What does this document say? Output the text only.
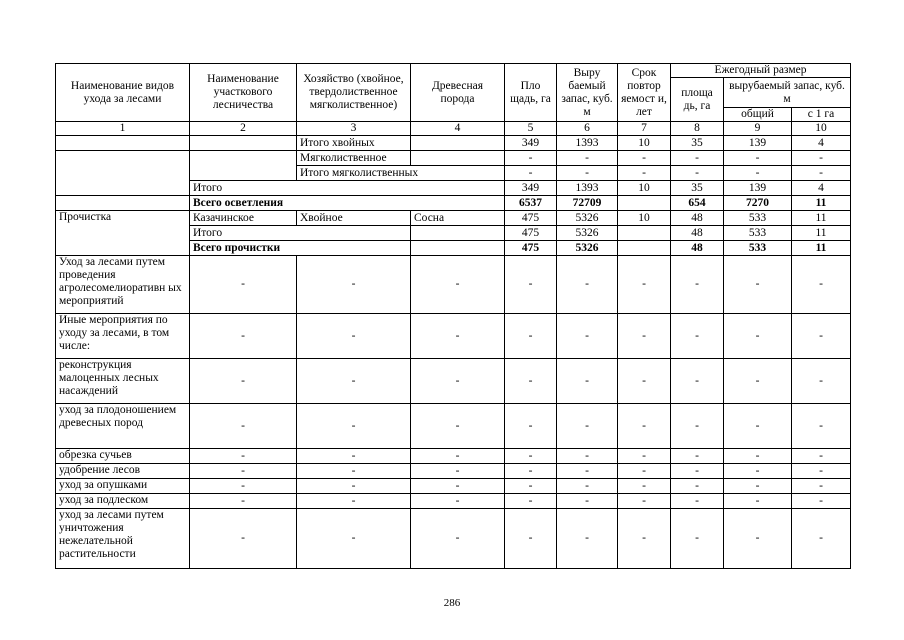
Наименование видов ухода за лесами	Наименование участкового лесничества	Хозяйство (хвойное, твердолиственное мягколиственное)	Древесная порода	Пло щадь, га	Выру баемый запас, куб. м	Срок повтор яемост и, лет	Ежегодный размер		
							площа дь, га	вырубаемый запас, куб. м	
								общий	с 1 га
1	2	3	4	5	6	7	8	9	10
		Итого хвойных		349	1393	10	35	139	4
		Мягколиственное		-	-	-	-	-	-
		Итого мягколиственных		-	-	-	-	-	-
	Итого			349	1393	10	35	139	4
	Всего осветления			6537	72709		654	7270	11
Прочистка	Казачинское	Хвойное	Сосна	475	5326	10	48	533	11
	Итого			475	5326		48	533	11
	Всего прочистки			475	5326		48	533	11
Уход за лесами путем проведения агролесомелиоративн ых мероприятий	-	-	-	-	-	-	-	-	-
Иные мероприятия по уходу за лесами, в том числе:	-	-	-	-	-	-	-	-	-
реконструкция малоценных лесных насаждений	-	-	-	-	-	-	-	-	-
уход за плодоношением древесных пород	-	-	-	-	-	-	-	-	-
обрезка сучьев	-	-	-	-	-	-	-	-	-
удобрение лесов	-	-	-	-	-	-	-	-	-
уход за опушками	-	-	-	-	-	-	-	-	-
уход за подлеском	-	-	-	-	-	-	-	-	-
уход за лесами путем уничтожения нежелательной растительности	-	-	-	-	-	-	-	-	-
286
